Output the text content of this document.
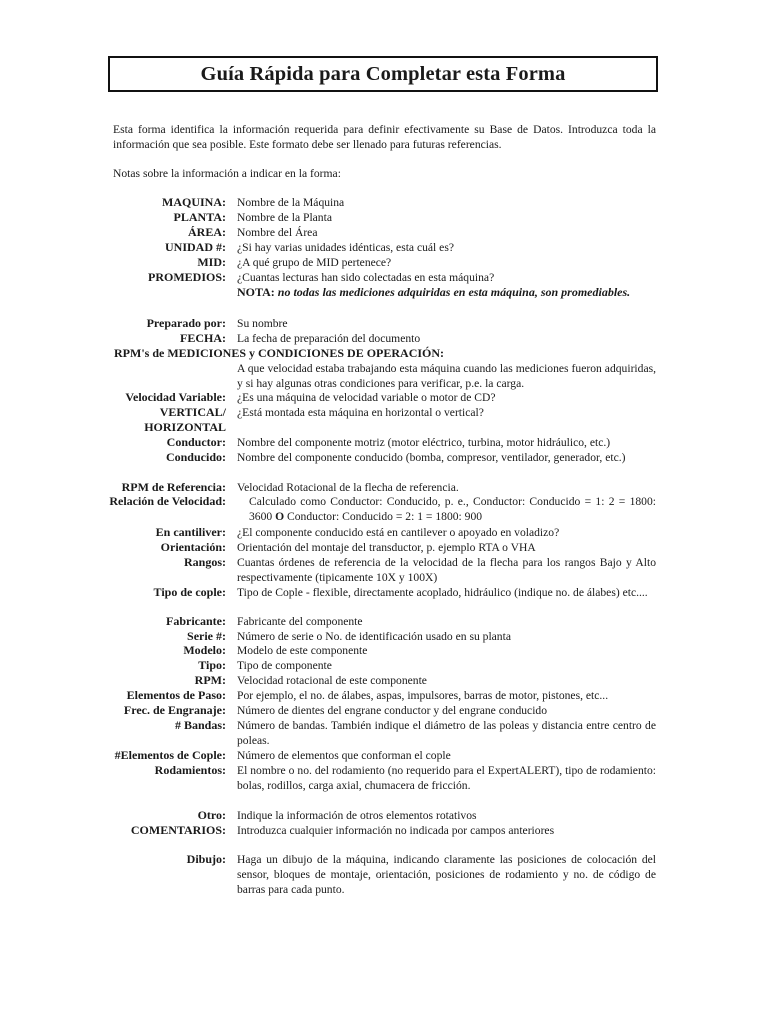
Guía Rápida para Completar esta Forma
Esta forma identifica la información requerida para definir efectivamente su Base de Datos. Introduzca toda la información que sea posible. Este formato debe ser llenado para futuras referencias.
Notas sobre la información a indicar en la forma:
MAQUINA: Nombre de la Máquina
PLANTA: Nombre de la Planta
ÁREA: Nombre del Área
UNIDAD #: ¿Si hay varias unidades idénticas, esta cuál es?
MID: ¿A qué grupo de MID pertenece?
PROMEDIOS: ¿Cuantas lecturas han sido colectadas en esta máquina?
NOTA: no todas las mediciones adquiridas en esta máquina, son promediables.
Preparado por: Su nombre
FECHA: La fecha de preparación del documento
RPM's de MEDICIONES y CONDICIONES DE OPERACIÓN:
A que velocidad estaba trabajando esta máquina cuando las mediciones fueron adquiridas, y si hay algunas otras condiciones para verificar, p.e. la carga.
Velocidad Variable: ¿Es una máquina de velocidad variable o motor de CD?
VERTICAL/
HORIZONTAL
¿Está montada esta máquina en horizontal o vertical?
Conductor: Nombre del componente motriz (motor eléctrico, turbina, motor hidráulico, etc.)
Conducido: Nombre del componente conducido (bomba, compresor, ventilador, generador, etc.)
RPM de Referencia: Velocidad Rotacional de la flecha de referencia.
Relación de Velocidad: Calculado como Conductor: Conducido, p. e., Conductor: Conducido = 1: 2 = 1800: 3600 O Conductor: Conducido = 2: 1 = 1800: 900
En cantiliver: ¿El componente conducido está en cantilever o apoyado en voladizo?
Orientación: Orientación del montaje del transductor, p. ejemplo RTA o VHA
Rangos: Cuantas órdenes de referencia de la velocidad de la flecha para los rangos Bajo y Alto respectivamente (tipicamente 10X y 100X)
Tipo de cople: Tipo de Cople - flexible, directamente acoplado, hidráulico (indique no. de álabes) etc....
Fabricante: Fabricante del componente
Serie #: Número de serie o No. de identificación usado en su planta
Modelo: Modelo de este componente
Tipo: Tipo de componente
RPM: Velocidad rotacional de este componente
Elementos de Paso: Por ejemplo, el no. de álabes, aspas, impulsores, barras de motor, pistones, etc...
Frec. de Engranaje: Número de dientes del engrane conductor y del engrane conducido
# Bandas: Número de bandas. También indique el diámetro de las poleas y distancia entre centro de poleas.
#Elementos de Cople: Número de elementos que conforman el cople
Rodamientos: El nombre o no. del rodamiento (no requerido para el ExpertALERT), tipo de rodamiento: bolas, rodillos, carga axial, chumacera de fricción.
Otro: Indique la información de otros elementos rotativos
COMENTARIOS: Introduzca cualquier información no indicada por campos anteriores
Dibujo: Haga un dibujo de la máquina, indicando claramente las posiciones de colocación del sensor, bloques de montaje, orientación, posiciones de rodamiento y no. de código de barras para cada punto.
